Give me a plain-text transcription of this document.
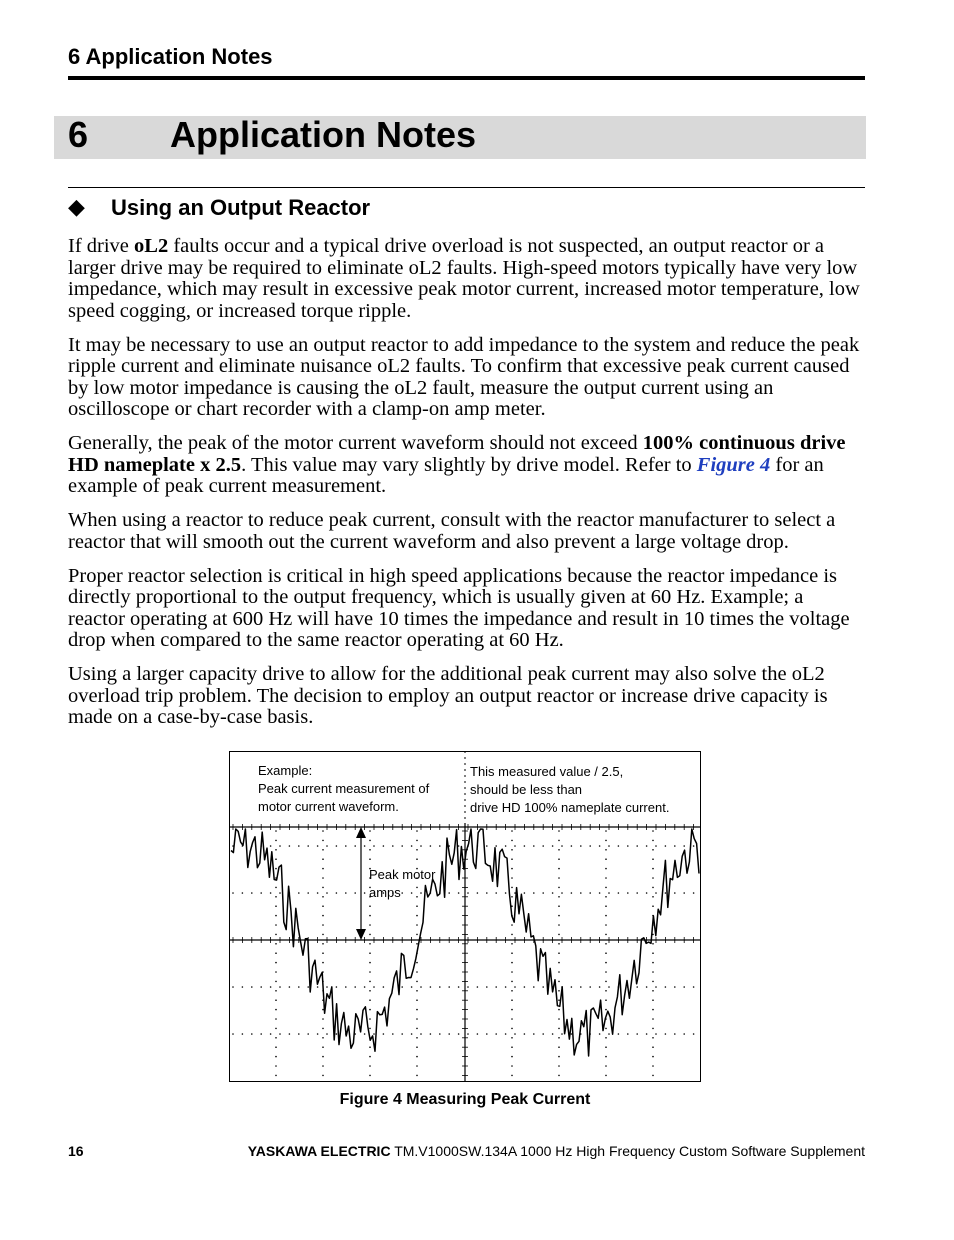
6 Application Notes
6 Application Notes
◆ Using an Output Reactor

If drive oL2 faults occur and a typical drive overload is not suspected, an output reactor or a larger drive may be required to eliminate oL2 faults. High-speed motors typically have very low impedance, which may result in excessive peak motor current, increased motor temperature, low speed cogging, or increased torque ripple.

It may be necessary to use an output reactor to add impedance to the system and reduce the peak ripple current and eliminate nuisance oL2 faults. To confirm that excessive peak current caused by low motor impedance is causing the oL2 fault, measure the output current using an oscilloscope or chart recorder with a clamp-on amp meter.

Generally, the peak of the motor current waveform should not exceed 100% continuous drive HD nameplate x 2.5. This value may vary slightly by drive model. Refer to Figure 4 for an example of peak current measurement.

When using a reactor to reduce peak current, consult with the reactor manufacturer to select a reactor that will smooth out the current waveform and also prevent a large voltage drop.

Proper reactor selection is critical in high speed applications because the reactor impedance is directly proportional to the output frequency, which is usually given at 60 Hz. Example; a reactor operating at 600 Hz will have 10 times the impedance and result in 10 times the voltage drop when compared to the same reactor operating at 60 Hz.

Using a larger capacity drive to allow for the additional peak current may also solve the oL2 overload trip problem. The decision to employ an output reactor or increase drive capacity is made on a case-by-case basis.

Example:
Peak current measurement of
motor current waveform.
This measured value / 2.5,
should be less than
drive HD 100% nameplate current.
Peak motor
amps
Figure 4 Measuring Peak Current
16	YASKAWA ELECTRIC TM.V1000SW.134A 1000 Hz High Frequency Custom Software Supplement
